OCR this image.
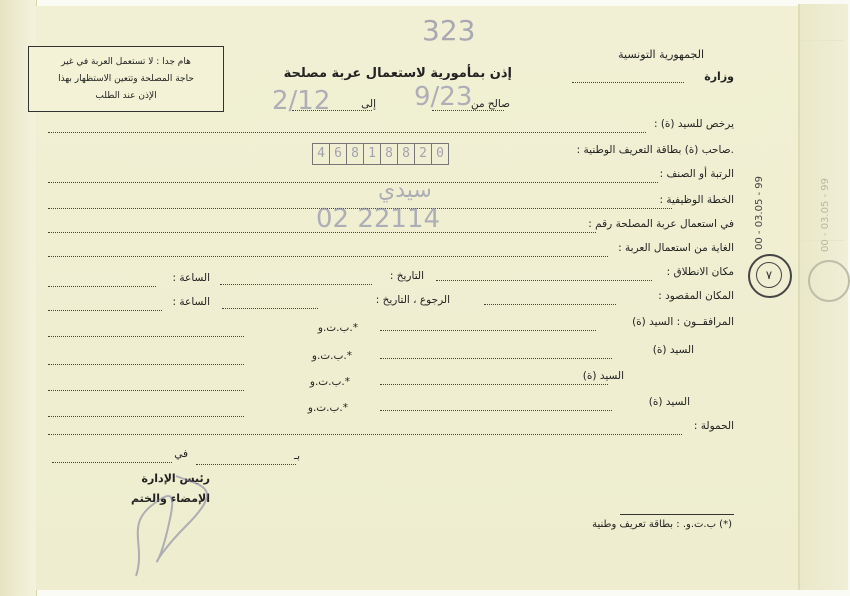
323
الجمهورية التونسية
وزارة
إذن بمأمورية لاستعمال عربة مصلحة
هام جدا : لا تستعمل العربة في غير
حاجة المصلحة وتتعين الاستظهار بهذا
الإذن عند الطلب
صالح من
إلى
2/12	9/23
يرخص للسيد (ة) :
.صاحب (ة) بطاقة التعريف الوطنية :
0
2
8
8
1
8
6
4
الرتبة أو الصنف :
الخطة الوظيفية :
سيدي
في استعمال عربة المصلحة رقم :
02 22114
الغاية من استعمال العربة :
مكان الانطلاق :
التاريخ :
الساعة :
المكان المقصود :
الرجوع ، التاريخ :
الساعة :
المرافقــون : السيد (ة)
ب.ت.و.*
السيد (ة)
ب.ت.و.*
السيد (ة)
ب.ت.و.*
السيد (ة)
ب.ت.و.*
الحمولة :
في	بـ
رئيس الإدارة
الإمضاء والختم
(*) ب.ت.و. : بطاقة تعريف وطنية
00 - 03.05 - 99
٧
00 - 03.05 - 99
